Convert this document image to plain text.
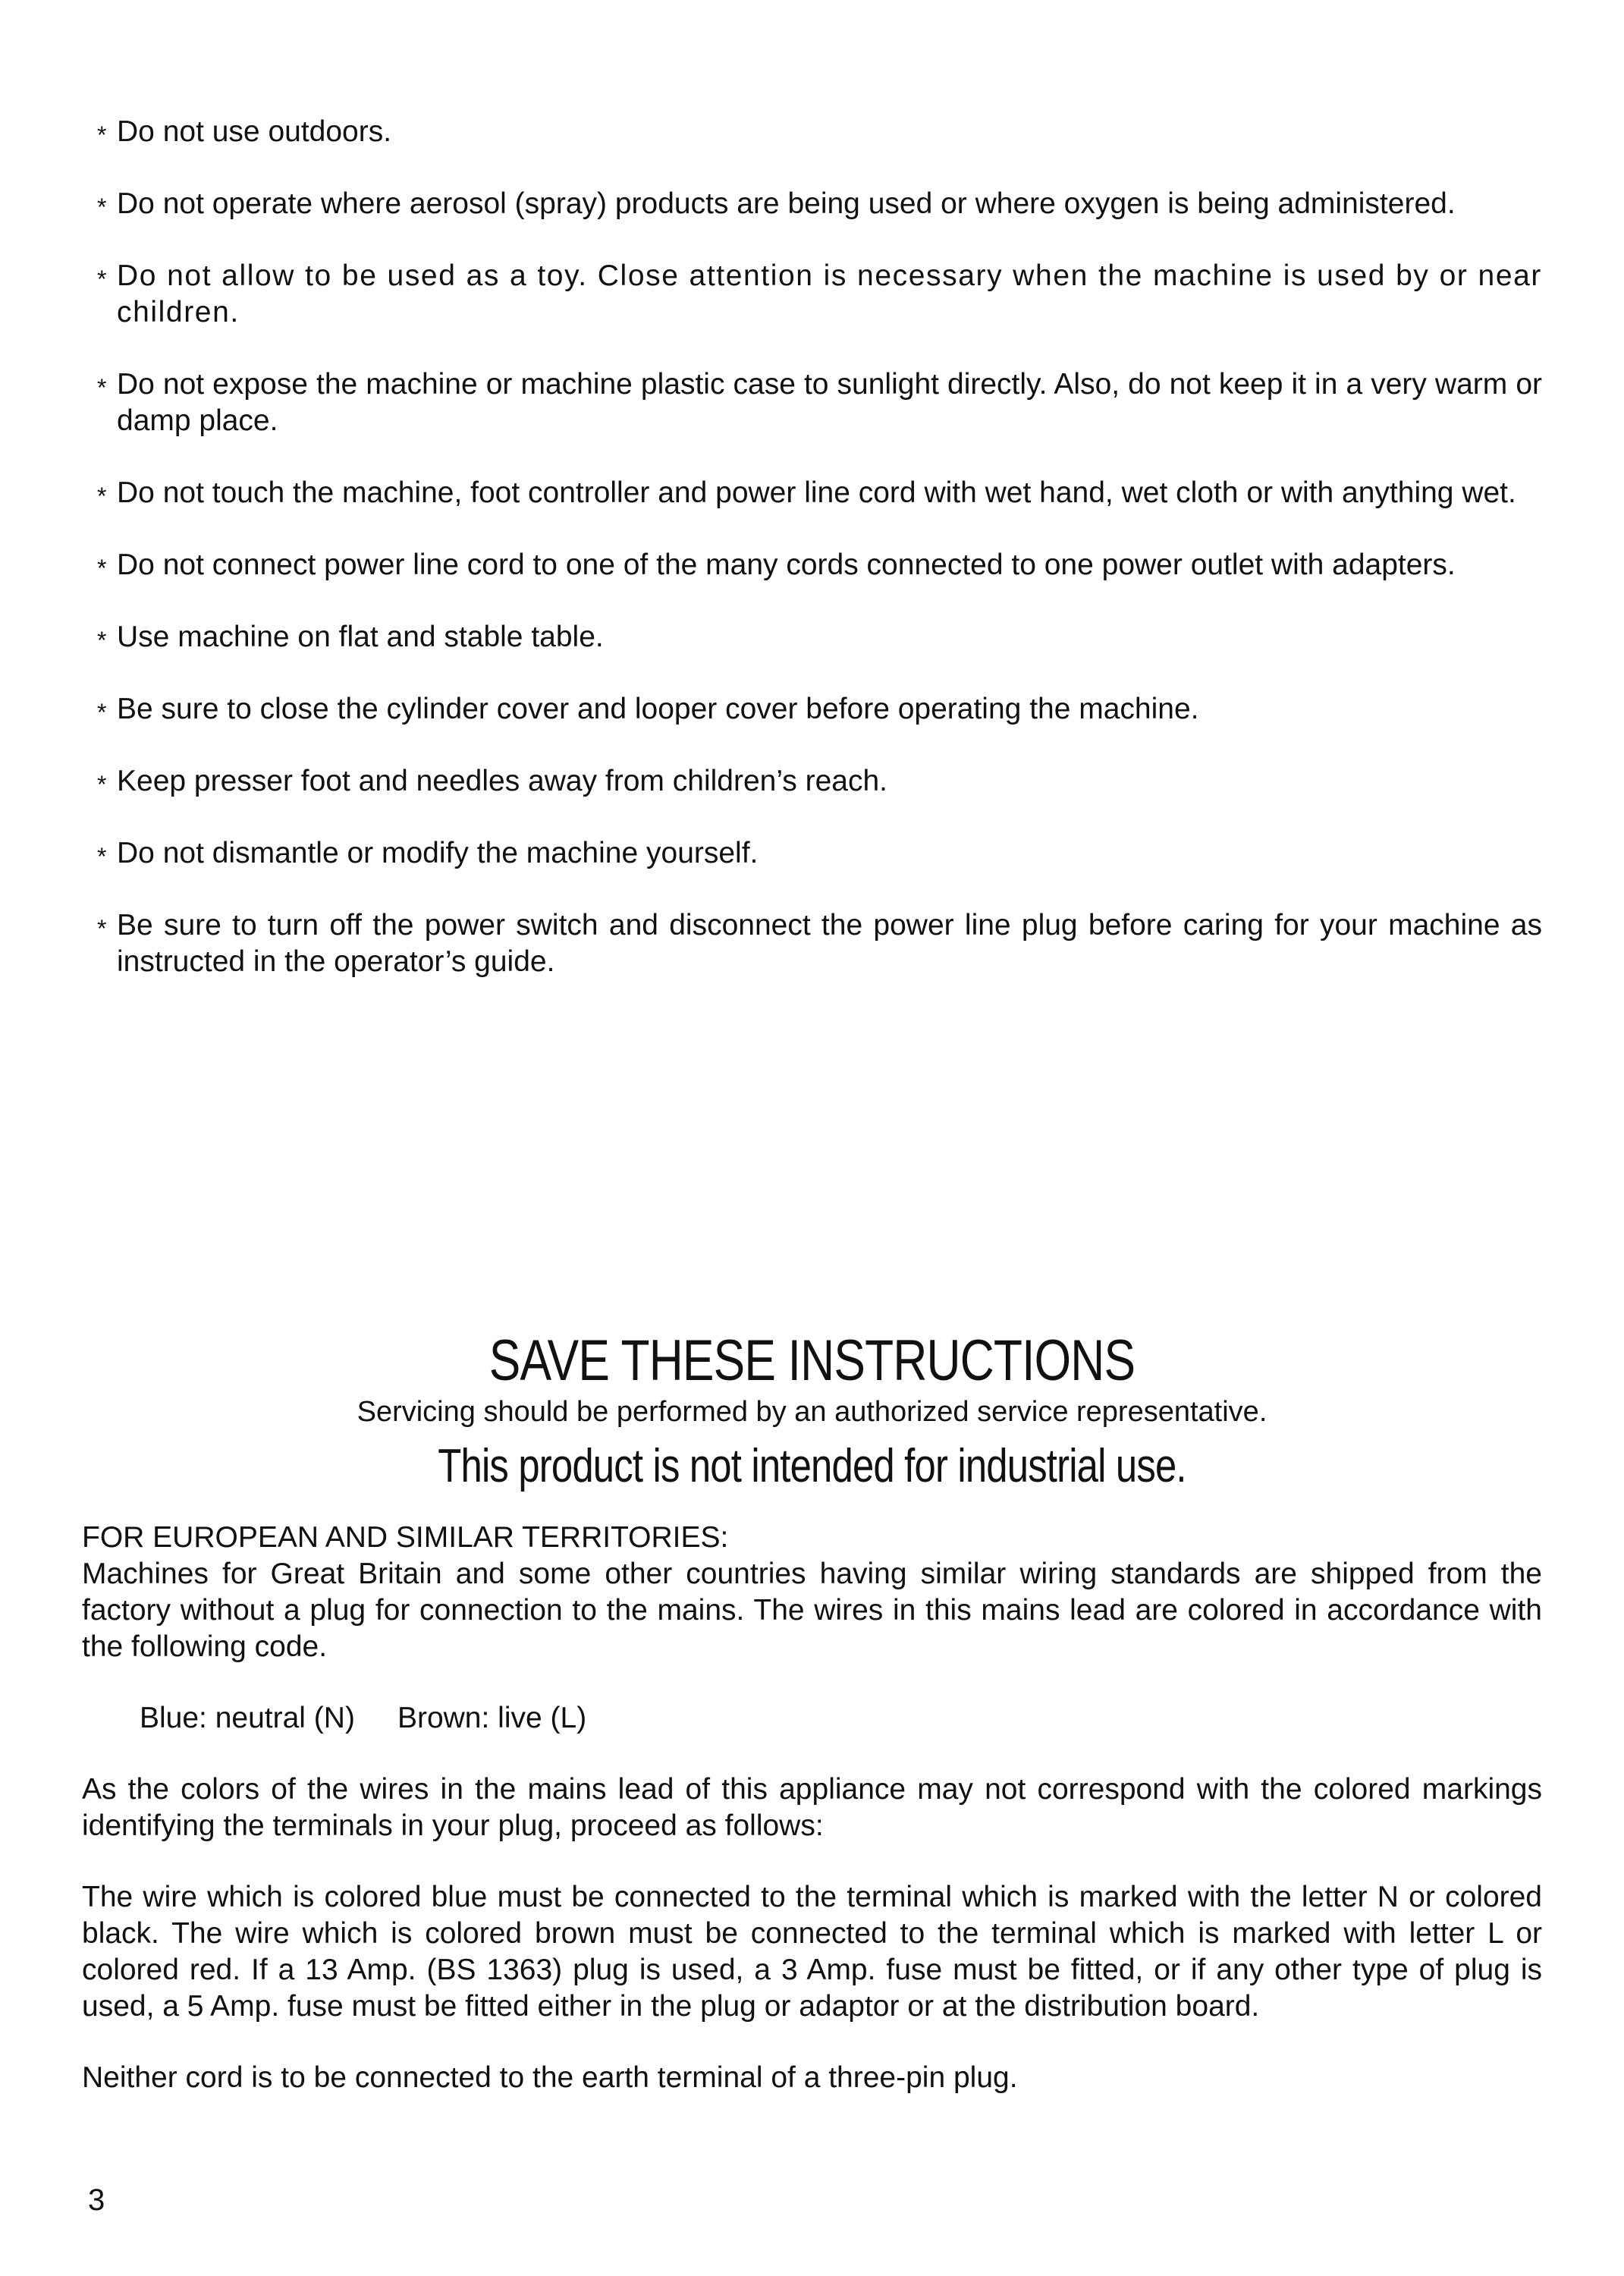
* Do not use outdoors.
* Do not operate where aerosol (spray) products are being used or where oxygen is being administered.
* Do not allow to be used as a toy. Close attention is necessary when the machine is used by or near children.
* Do not expose the machine or machine plastic case to sunlight directly. Also, do not keep it in a very warm or damp place.
* Do not touch the machine, foot controller and power line cord with wet hand, wet cloth or with anything wet.
* Do not connect power line cord to one of the many cords connected to one power outlet with adapters.
* Use machine on flat and stable table.
* Be sure to close the cylinder cover and looper cover before operating the machine.
* Keep presser foot and needles away from children’s reach.
* Do not dismantle or modify the machine yourself.
* Be sure to turn off the power switch and disconnect the power line plug before caring for your machine as instructed in the operator’s guide.
SAVE THESE INSTRUCTIONS
Servicing should be performed by an authorized service representative.
This product is not intended for industrial use.

FOR EUROPEAN AND SIMILAR TERRITORIES:

Machines for Great Britain and some other countries having similar wiring standards are shipped from the factory without a plug for connection to the mains. The wires in this mains lead are colored in accordance with the following code.

Blue: neutral (N) Brown: live (L)

As the colors of the wires in the mains lead of this appliance may not correspond with the colored markings identifying the terminals in your plug, proceed as follows:

The wire which is colored blue must be connected to the terminal which is marked with the letter N or colored black. The wire which is colored brown must be connected to the terminal which is marked with letter L or colored red. If a 13 Amp. (BS 1363) plug is used, a 3 Amp. fuse must be fitted, or if any other type of plug is used, a 5 Amp. fuse must be fitted either in the plug or adaptor or at the distribution board.

Neither cord is to be connected to the earth terminal of a three-pin plug.

3
